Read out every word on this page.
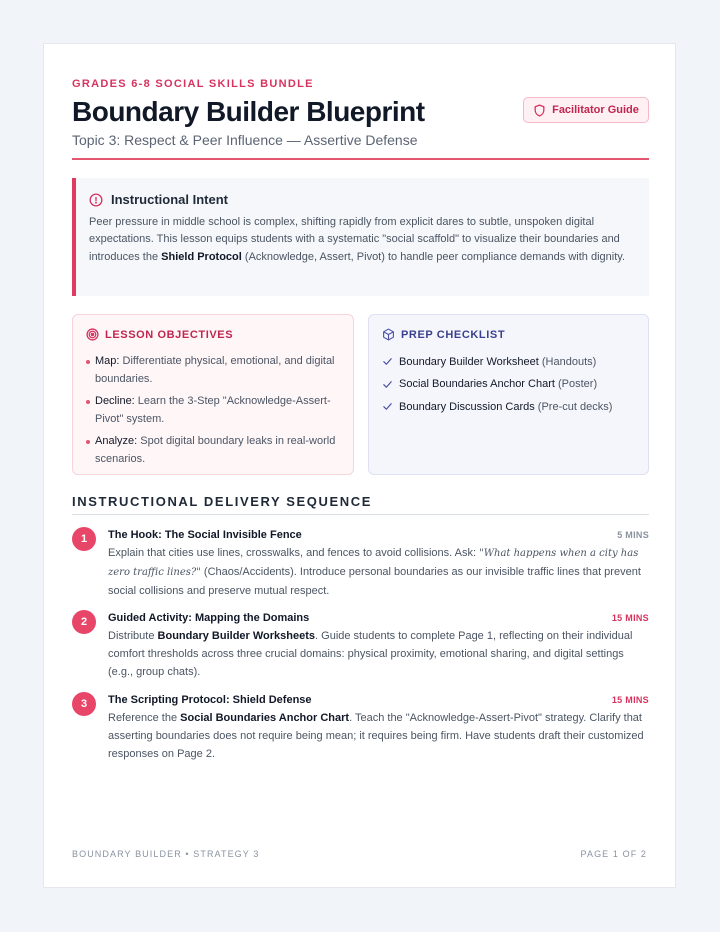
GRADES 6-8 SOCIAL SKILLS BUNDLE
Boundary Builder Blueprint
Topic 3: Respect & Peer Influence — Assertive Defense
Facilitator Guide
Instructional Intent
Peer pressure in middle school is complex, shifting rapidly from explicit dares to subtle, unspoken digital expectations. This lesson equips students with a systematic "social scaffold" to visualize their boundaries and introduces the Shield Protocol (Acknowledge, Assert, Pivot) to handle peer compliance demands with dignity.
LESSON OBJECTIVES
Map: Differentiate physical, emotional, and digital boundaries.
Decline: Learn the 3-Step "Acknowledge-Assert-Pivot" system.
Analyze: Spot digital boundary leaks in real-world scenarios.
PREP CHECKLIST
Boundary Builder Worksheet (Handouts)
Social Boundaries Anchor Chart (Poster)
Boundary Discussion Cards (Pre-cut decks)
INSTRUCTIONAL DELIVERY SEQUENCE
1	The Hook: The Social Invisible Fence	5 MINS
Explain that cities use lines, crosswalks, and fences to avoid collisions. Ask: "What happens when a city has zero traffic lines?" (Chaos/Accidents). Introduce personal boundaries as our invisible traffic lines that prevent social collisions and preserve mutual respect.
2	Guided Activity: Mapping the Domains	15 MINS
Distribute Boundary Builder Worksheets. Guide students to complete Page 1, reflecting on their individual comfort thresholds across three crucial domains: physical proximity, emotional sharing, and digital settings (e.g., group chats).
3	The Scripting Protocol: Shield Defense	15 MINS
Reference the Social Boundaries Anchor Chart. Teach the "Acknowledge-Assert-Pivot" strategy. Clarify that asserting boundaries does not require being mean; it requires being firm. Have students draft their customized responses on Page 2.
BOUNDARY BUILDER • STRATEGY 3	PAGE 1 OF 2
